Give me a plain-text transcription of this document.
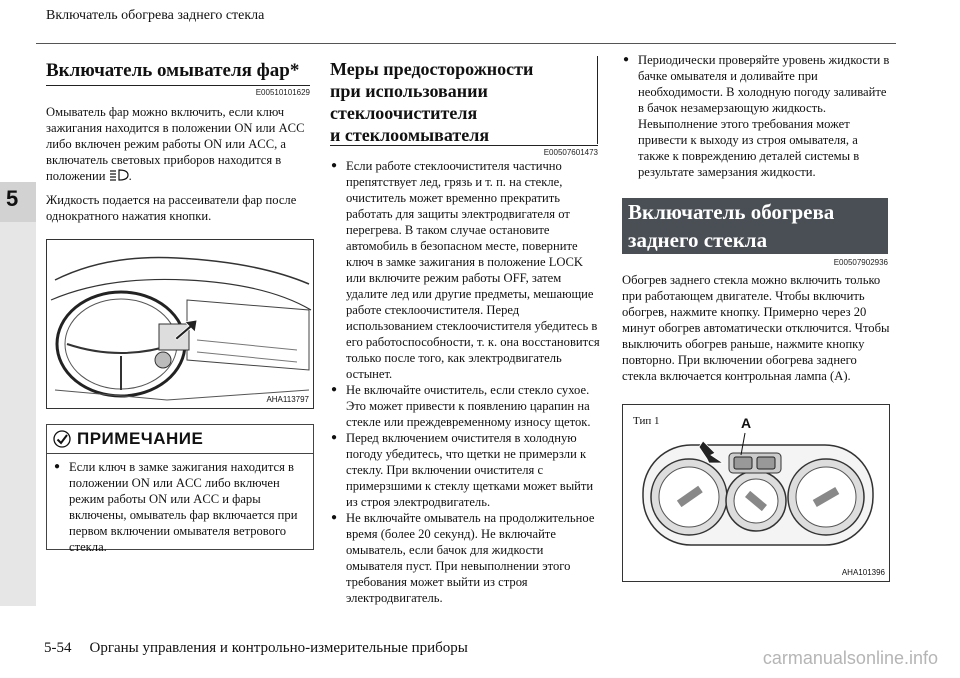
Включатель обогрева заднего стекла
5
Включатель омывателя фар*
E00510101629

Омыватель фар можно включить, если ключ зажигания находится в положении ON или ACC либо включен режим работы ON или ACC, а включатель световых приборов находится в положении .

Жидкость подается на рассеиватели фар после однократного нажатия кнопки.

AHA113797
ПРИМЕЧАНИЕ
● Если ключ в замке зажигания находится в положении ON или ACC либо включен режим работы ON или ACC и фары включены, омыватель фар включается при первом включении омывателя ветрового стекла.
Меры предосторожности
при использовании
стеклоочистителя
и стеклоомывателя
E00507601473
● Если работе стеклоочистителя частично препятствует лед, грязь и т. п. на стекле, очиститель может временно прекратить работать для защиты электродвигателя от перегрева. В таком случае остановите автомобиль в безопасном месте, поверните ключ в замке зажигания в положение LOCK или включите режим работы OFF, затем удалите лед или другие предметы, мешающие работе стеклоочистителя. Перед использованием стеклоочистителя убедитесь в его работоспособности, т. к. она восстановится только после того, как электродвигатель остынет.
● Не включайте очиститель, если стекло сухое. Это может привести к появлению царапин на стекле или преждевременному износу щеток.
● Перед включением очистителя в холодную погоду убедитесь, что щетки не примерзли к стеклу. При включении очистителя с примерзшими к стеклу щетками может выйти из строя электродвигатель.
● Не включайте омыватель на продолжительное время (более 20 секунд). Не включайте омыватель, если бачок для жидкости омывателя пуст. При невыполнении этого требования может выйти из строя электродвигатель.
● Периодически проверяйте уровень жидкости в бачке омывателя и доливайте при необходимости. В холодную погоду заливайте в бачок незамерзающую жидкость. Невыполнение этого требования может привести к выходу из строя омывателя, а также к повреждению деталей системы в результате замерзания жидкости.
Включатель обогрева
заднего стекла
E00507902936
Обогрев заднего стекла можно включить только при работающем двигателе. Чтобы включить обогрев, нажмите кнопку. Примерно через 20 минут обогрев автоматически отключится. Чтобы выключить обогрев раньше, нажмите кнопку повторно. При включении обогрева заднего стекла включается контрольная лампа (A).
Тип 1	A
AHA101396
5-54 Органы управления и контрольно-измерительные приборы	carmanualsonline.info
